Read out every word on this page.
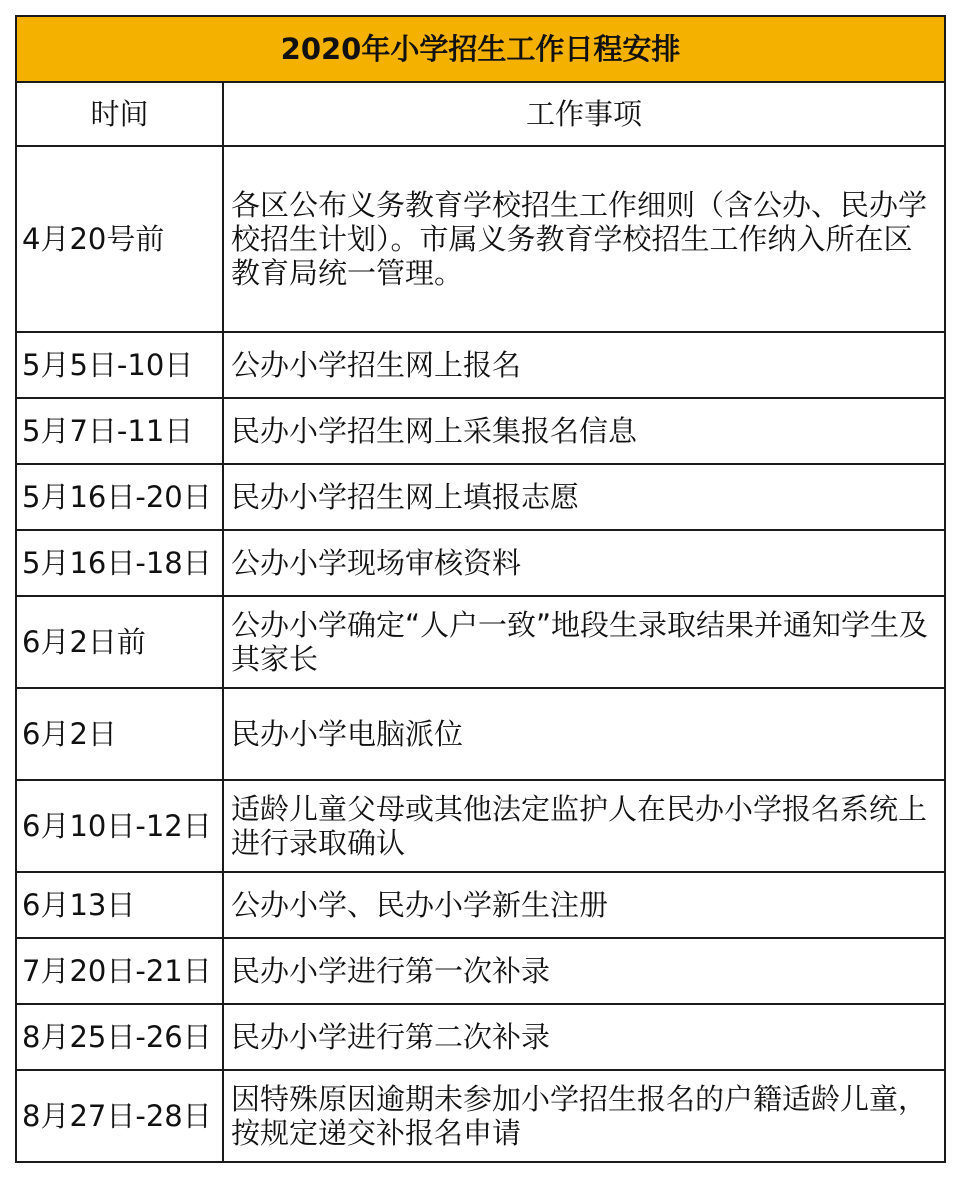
2020年小学招生工作日程安排	
时间	工作事项
4月20号前	各区公布义务教育学校招生工作细则（含公办、民办学校招生计划）。市属义务教育学校招生工作纳入所在区教育局统一管理。
5月5日-10日	公办小学招生网上报名
5月7日-11日	民办小学招生网上采集报名信息
5月16日-20日	民办小学招生网上填报志愿
5月16日-18日	公办小学现场审核资料
6月2日前	公办小学确定“人户一致”地段生录取结果并通知学生及其家长
6月2日	民办小学电脑派位
6月10日-12日	适龄儿童父母或其他法定监护人在民办小学报名系统上进行录取确认
6月13日	公办小学、民办小学新生注册
7月20日-21日	民办小学进行第一次补录
8月25日-26日	民办小学进行第二次补录
8月27日-28日	因特殊原因逾期未参加小学招生报名的户籍适龄儿童，按规定递交补报名申请
